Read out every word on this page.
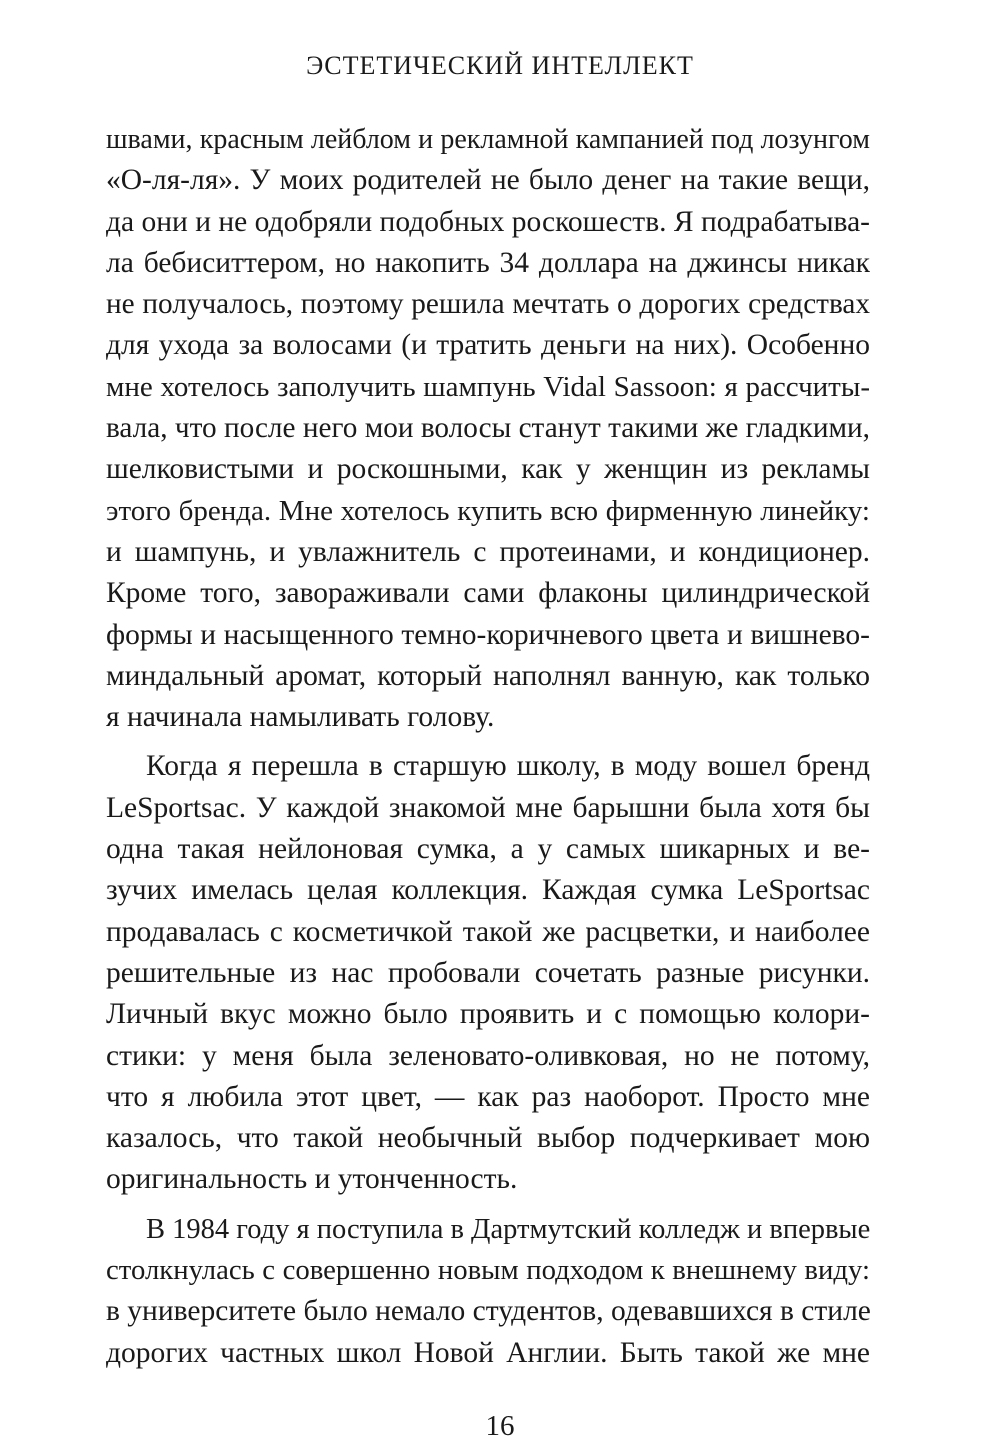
ЭСТЕТИЧЕСКИЙ ИНТЕЛЛЕКТ
швами, красным лейблом и рекламной кампанией под лозунгом
«О-ля-ля». У моих родителей не было денег на такие вещи,
да они и не одобряли подобных роскошеств. Я подрабатыва-
ла бебиситтером, но накопить 34 доллара на джинсы никак
не получалось, поэтому решила мечтать о дорогих средствах
для ухода за волосами (и тратить деньги на них). Особенно
мне хотелось заполучить шампунь Vidal Sassoon: я рассчиты-
вала, что после него мои волосы станут такими же гладкими,
шелковистыми и роскошными, как у женщин из рекламы
этого бренда. Мне хотелось купить всю фирменную линейку:
и шампунь, и увлажнитель с протеинами, и кондиционер.
Кроме того, завораживали сами флаконы цилиндрической
формы и насыщенного темно-коричневого цвета и вишнево-
миндальный аромат, который наполнял ванную, как только
я начинала намыливать голову.
Когда я перешла в старшую школу, в моду вошел бренд
LeSportsac. У каждой знакомой мне барышни была хотя бы
одна такая нейлоновая сумка, а у самых шикарных и ве-
зучих имелась целая коллекция. Каждая сумка LeSportsac
продавалась с косметичкой такой же расцветки, и наиболее
решительные из нас пробовали сочетать разные рисунки.
Личный вкус можно было проявить и с помощью колори-
стики: у меня была зеленовато-оливковая, но не потому,
что я любила этот цвет, — как раз наоборот. Просто мне
казалось, что такой необычный выбор подчеркивает мою
оригинальность и утонченность.
В 1984 году я поступила в Дартмутский колледж и впервые
столкнулась с совершенно новым подходом к внешнему виду:
в университете было немало студентов, одевавшихся в стиле
дорогих частных школ Новой Англии. Быть такой же мне
16
